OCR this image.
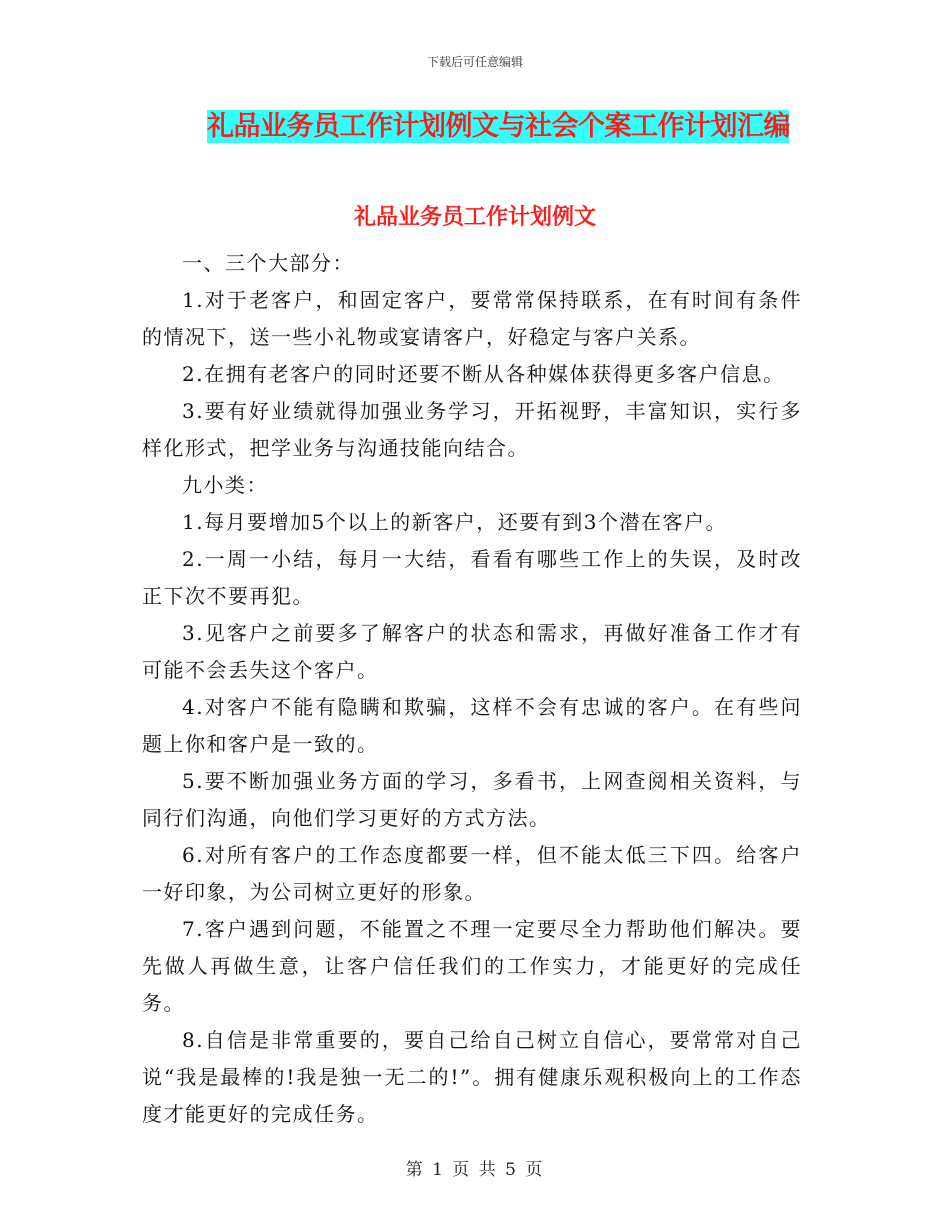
下载后可任意编辑
礼品业务员工作计划例文与社会个案工作计划汇编
礼品业务员工作计划例文

一、三个大部分：

1.对于老客户，和固定客户，要常常保持联系，在有时间有条件的情况下，送一些小礼物或宴请客户，好稳定与客户关系。

2.在拥有老客户的同时还要不断从各种媒体获得更多客户信息。

3.要有好业绩就得加强业务学习，开拓视野，丰富知识，实行多样化形式，把学业务与沟通技能向结合。

九小类：

1.每月要增加5个以上的新客户，还要有到3个潜在客户。

2.一周一小结，每月一大结，看看有哪些工作上的失误，及时改正下次不要再犯。

3.见客户之前要多了解客户的状态和需求，再做好准备工作才有可能不会丢失这个客户。

4.对客户不能有隐瞒和欺骗，这样不会有忠诚的客户。在有些问题上你和客户是一致的。

5.要不断加强业务方面的学习，多看书，上网查阅相关资料，与同行们沟通，向他们学习更好的方式方法。

6.对所有客户的工作态度都要一样，但不能太低三下四。给客户一好印象，为公司树立更好的形象。

7.客户遇到问题，不能置之不理一定要尽全力帮助他们解决。要先做人再做生意，让客户信任我们的工作实力，才能更好的完成任务。

8.自信是非常重要的，要自己给自己树立自信心，要常常对自己说“我是最棒的!我是独一无二的!”。拥有健康乐观积极向上的工作态度才能更好的完成任务。

第 1 页 共 5 页
